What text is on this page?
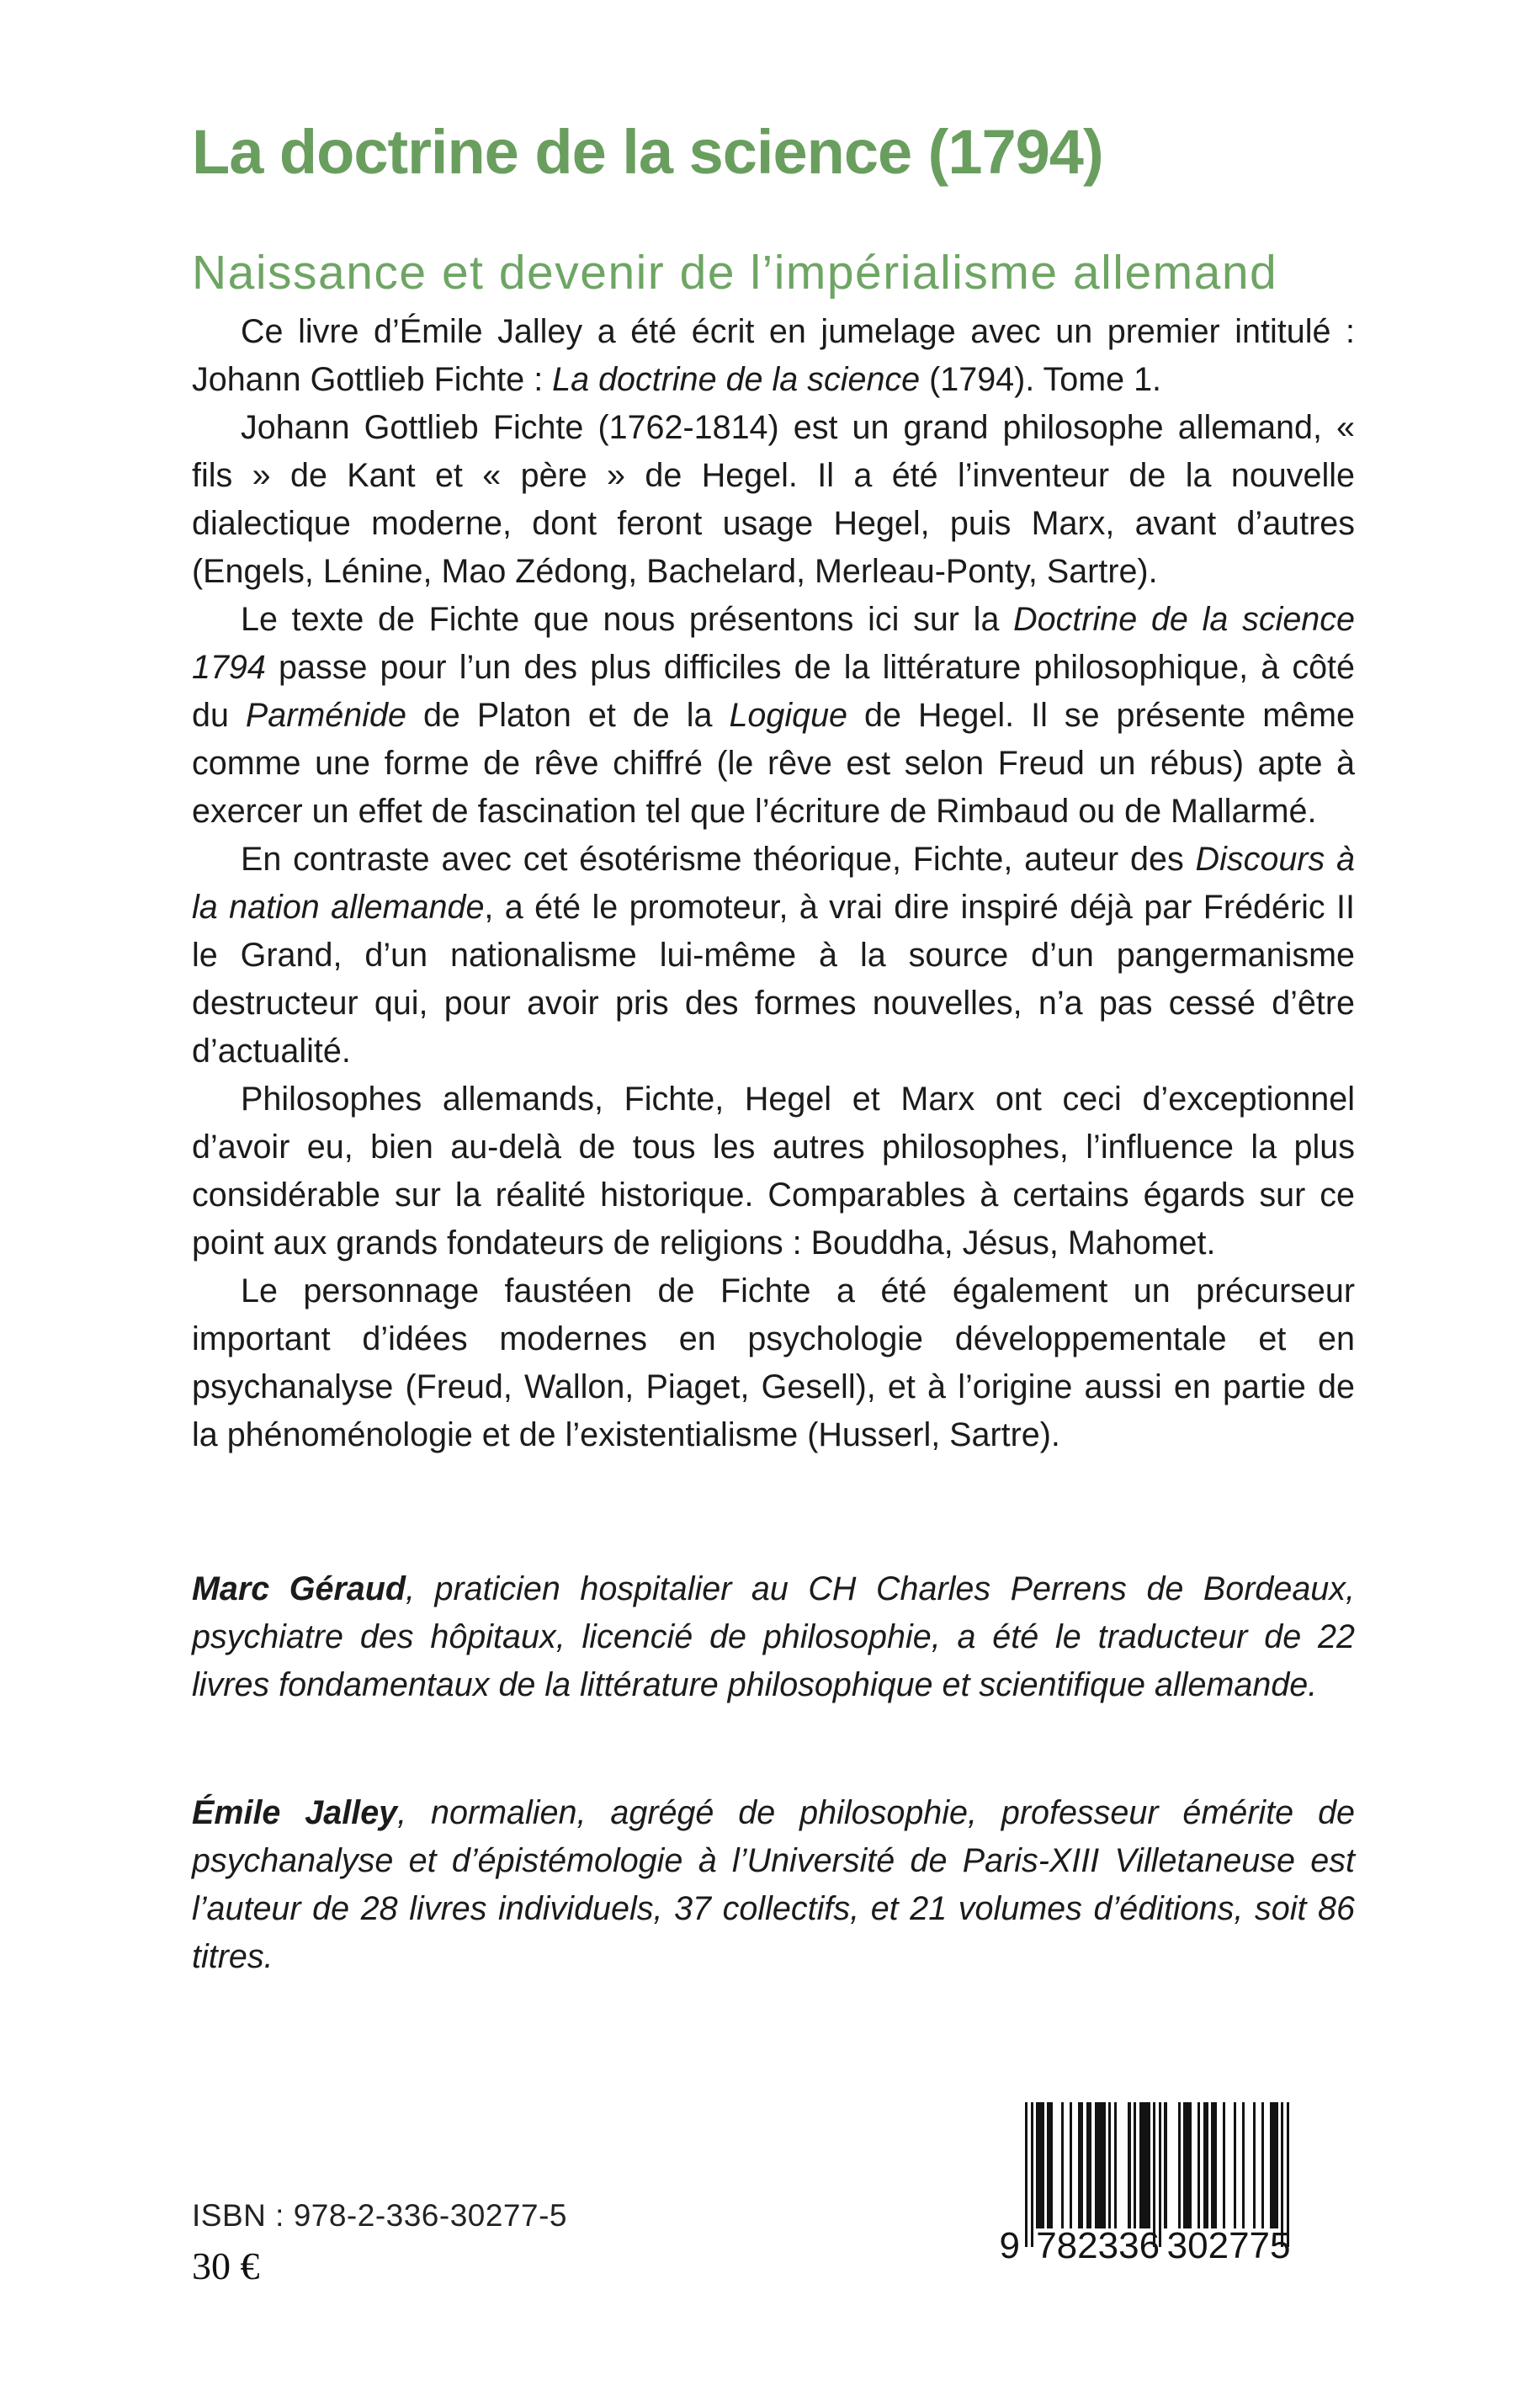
La doctrine de la science (1794)
Naissance et devenir de l’impérialisme allemand

Ce livre d’Émile Jalley a été écrit en jumelage avec un premier intitulé : Johann Gottlieb Fichte : La doctrine de la science (1794). Tome 1.

Johann Gottlieb Fichte (1762-1814) est un grand philosophe allemand, « fils » de Kant et « père » de Hegel. Il a été l’inventeur de la nouvelle dialectique moderne, dont feront usage Hegel, puis Marx, avant d’autres (Engels, Lénine, Mao Zédong, Bachelard, Merleau-Ponty, Sartre).

Le texte de Fichte que nous présentons ici sur la Doctrine de la science 1794 passe pour l’un des plus difficiles de la littérature philosophique, à côté du Parménide de Platon et de la Logique de Hegel. Il se présente même comme une forme de rêve chiffré (le rêve est selon Freud un rébus) apte à exercer un effet de fascination tel que l’écriture de Rimbaud ou de Mallarmé.

En contraste avec cet ésotérisme théorique, Fichte, auteur des Discours à la nation allemande, a été le promoteur, à vrai dire inspiré déjà par Frédéric II le Grand, d’un nationalisme lui-même à la source d’un pangermanisme destructeur qui, pour avoir pris des formes nouvelles, n’a pas cessé d’être d’actualité.

Philosophes allemands, Fichte, Hegel et Marx ont ceci d’exceptionnel d’avoir eu, bien au-delà de tous les autres philosophes, l’influence la plus considérable sur la réalité historique. Comparables à certains égards sur ce point aux grands fondateurs de religions : Bouddha, Jésus, Mahomet.

Le personnage faustéen de Fichte a été également un précurseur important d’idées modernes en psychologie développementale et en psychanalyse (Freud, Wallon, Piaget, Gesell), et à l’origine aussi en partie de la phénoménologie et de l’existentialisme (Husserl, Sartre).

Marc Géraud, praticien hospitalier au CH Charles Perrens de Bordeaux, psychiatre des hôpitaux, licencié de philosophie, a été le traducteur de 22 livres fondamentaux de la littérature philosophique et scientifique allemande.

Émile Jalley, normalien, agrégé de philosophie, professeur émérite de psychanalyse et d’épistémologie à l’Université de Paris-XIII Villetaneuse est l’auteur de 28 livres individuels, 37 collectifs, et 21 volumes d’éditions, soit 86 titres.

ISBN : 978-2-336-30277-5
30 €	9 7 8 2 3 3 6 3 0 2 7 7 5
